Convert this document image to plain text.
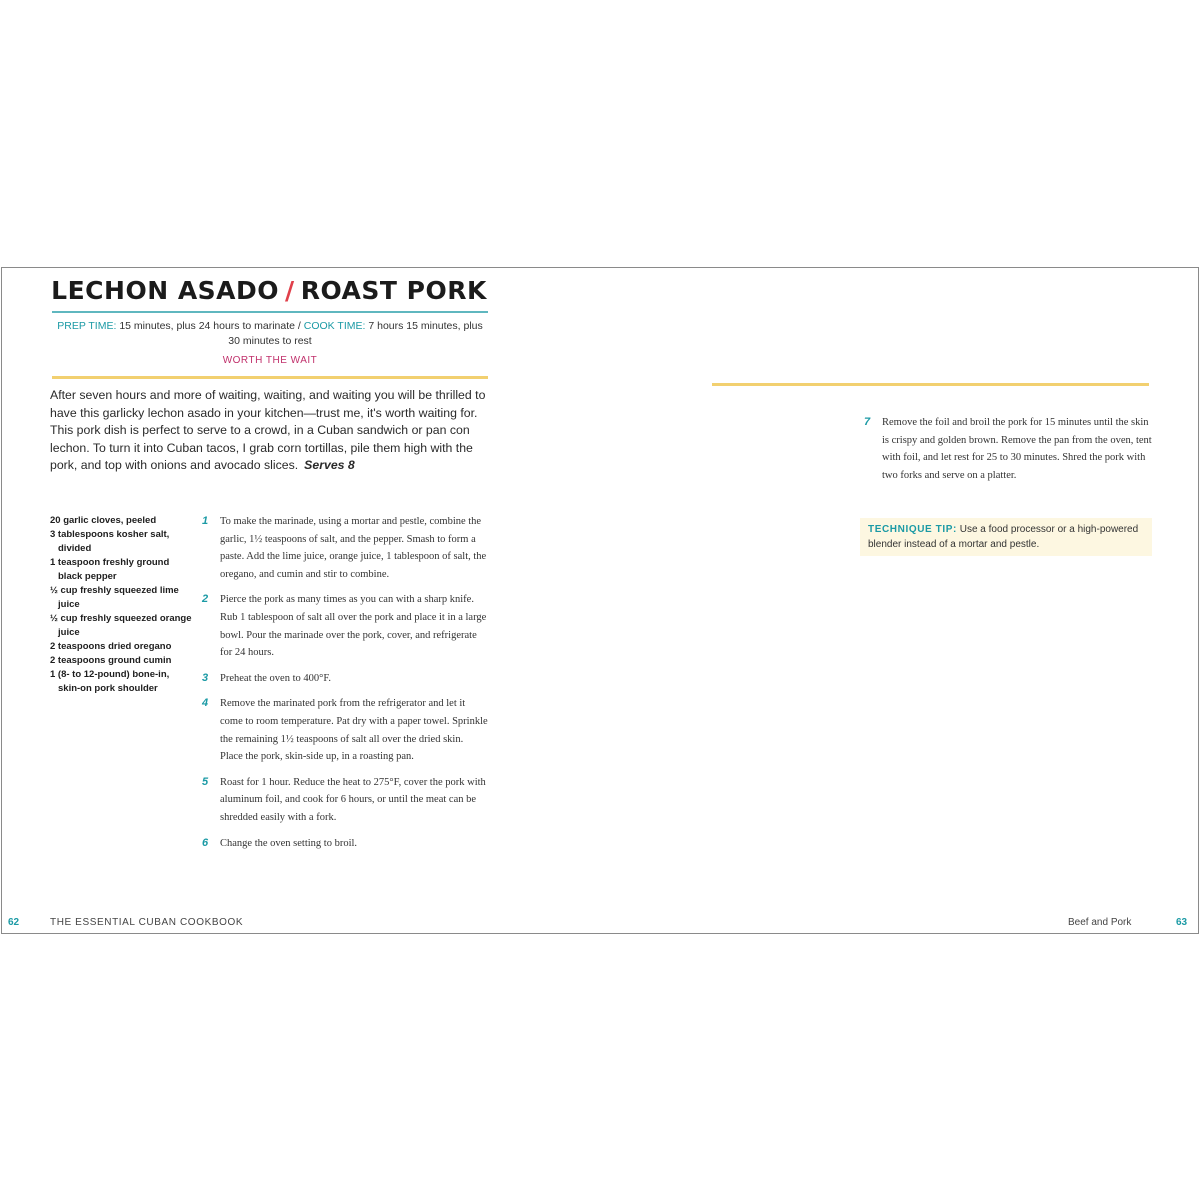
LECHON ASADO / ROAST PORK
PREP TIME: 15 minutes, plus 24 hours to marinate / COOK TIME: 7 hours 15 minutes, plus 30 minutes to rest
WORTH THE WAIT
After seven hours and more of waiting, waiting, and waiting you will be thrilled to have this garlicky lechon asado in your kitchen—trust me, it's worth waiting for. This pork dish is perfect to serve to a crowd, in a Cuban sandwich or pan con lechon. To turn it into Cuban tacos, I grab corn tortillas, pile them high with the pork, and top with onions and avocado slices. Serves 8
20 garlic cloves, peeled
3 tablespoons kosher salt, divided
1 teaspoon freshly ground black pepper
½ cup freshly squeezed lime juice
½ cup freshly squeezed orange juice
2 teaspoons dried oregano
2 teaspoons ground cumin
1 (8- to 12-pound) bone-in, skin-on pork shoulder
1 To make the marinade, using a mortar and pestle, combine the garlic, 1½ teaspoons of salt, and the pepper. Smash to form a paste. Add the lime juice, orange juice, 1 tablespoon of salt, the oregano, and cumin and stir to combine.
2 Pierce the pork as many times as you can with a sharp knife. Rub 1 tablespoon of salt all over the pork and place it in a large bowl. Pour the marinade over the pork, cover, and refrigerate for 24 hours.
3 Preheat the oven to 400°F.
4 Remove the marinated pork from the refrigerator and let it come to room temperature. Pat dry with a paper towel. Sprinkle the remaining 1½ teaspoons of salt all over the dried skin. Place the pork, skin-side up, in a roasting pan.
5 Roast for 1 hour. Reduce the heat to 275°F, cover the pork with aluminum foil, and cook for 6 hours, or until the meat can be shredded easily with a fork.
6 Change the oven setting to broil.
7 Remove the foil and broil the pork for 15 minutes until the skin is crispy and golden brown. Remove the pan from the oven, tent with foil, and let rest for 25 to 30 minutes. Shred the pork with two forks and serve on a platter.
TECHNIQUE TIP: Use a food processor or a high-powered blender instead of a mortar and pestle.
62	THE ESSENTIAL CUBAN COOKBOOK	Beef and Pork	63
